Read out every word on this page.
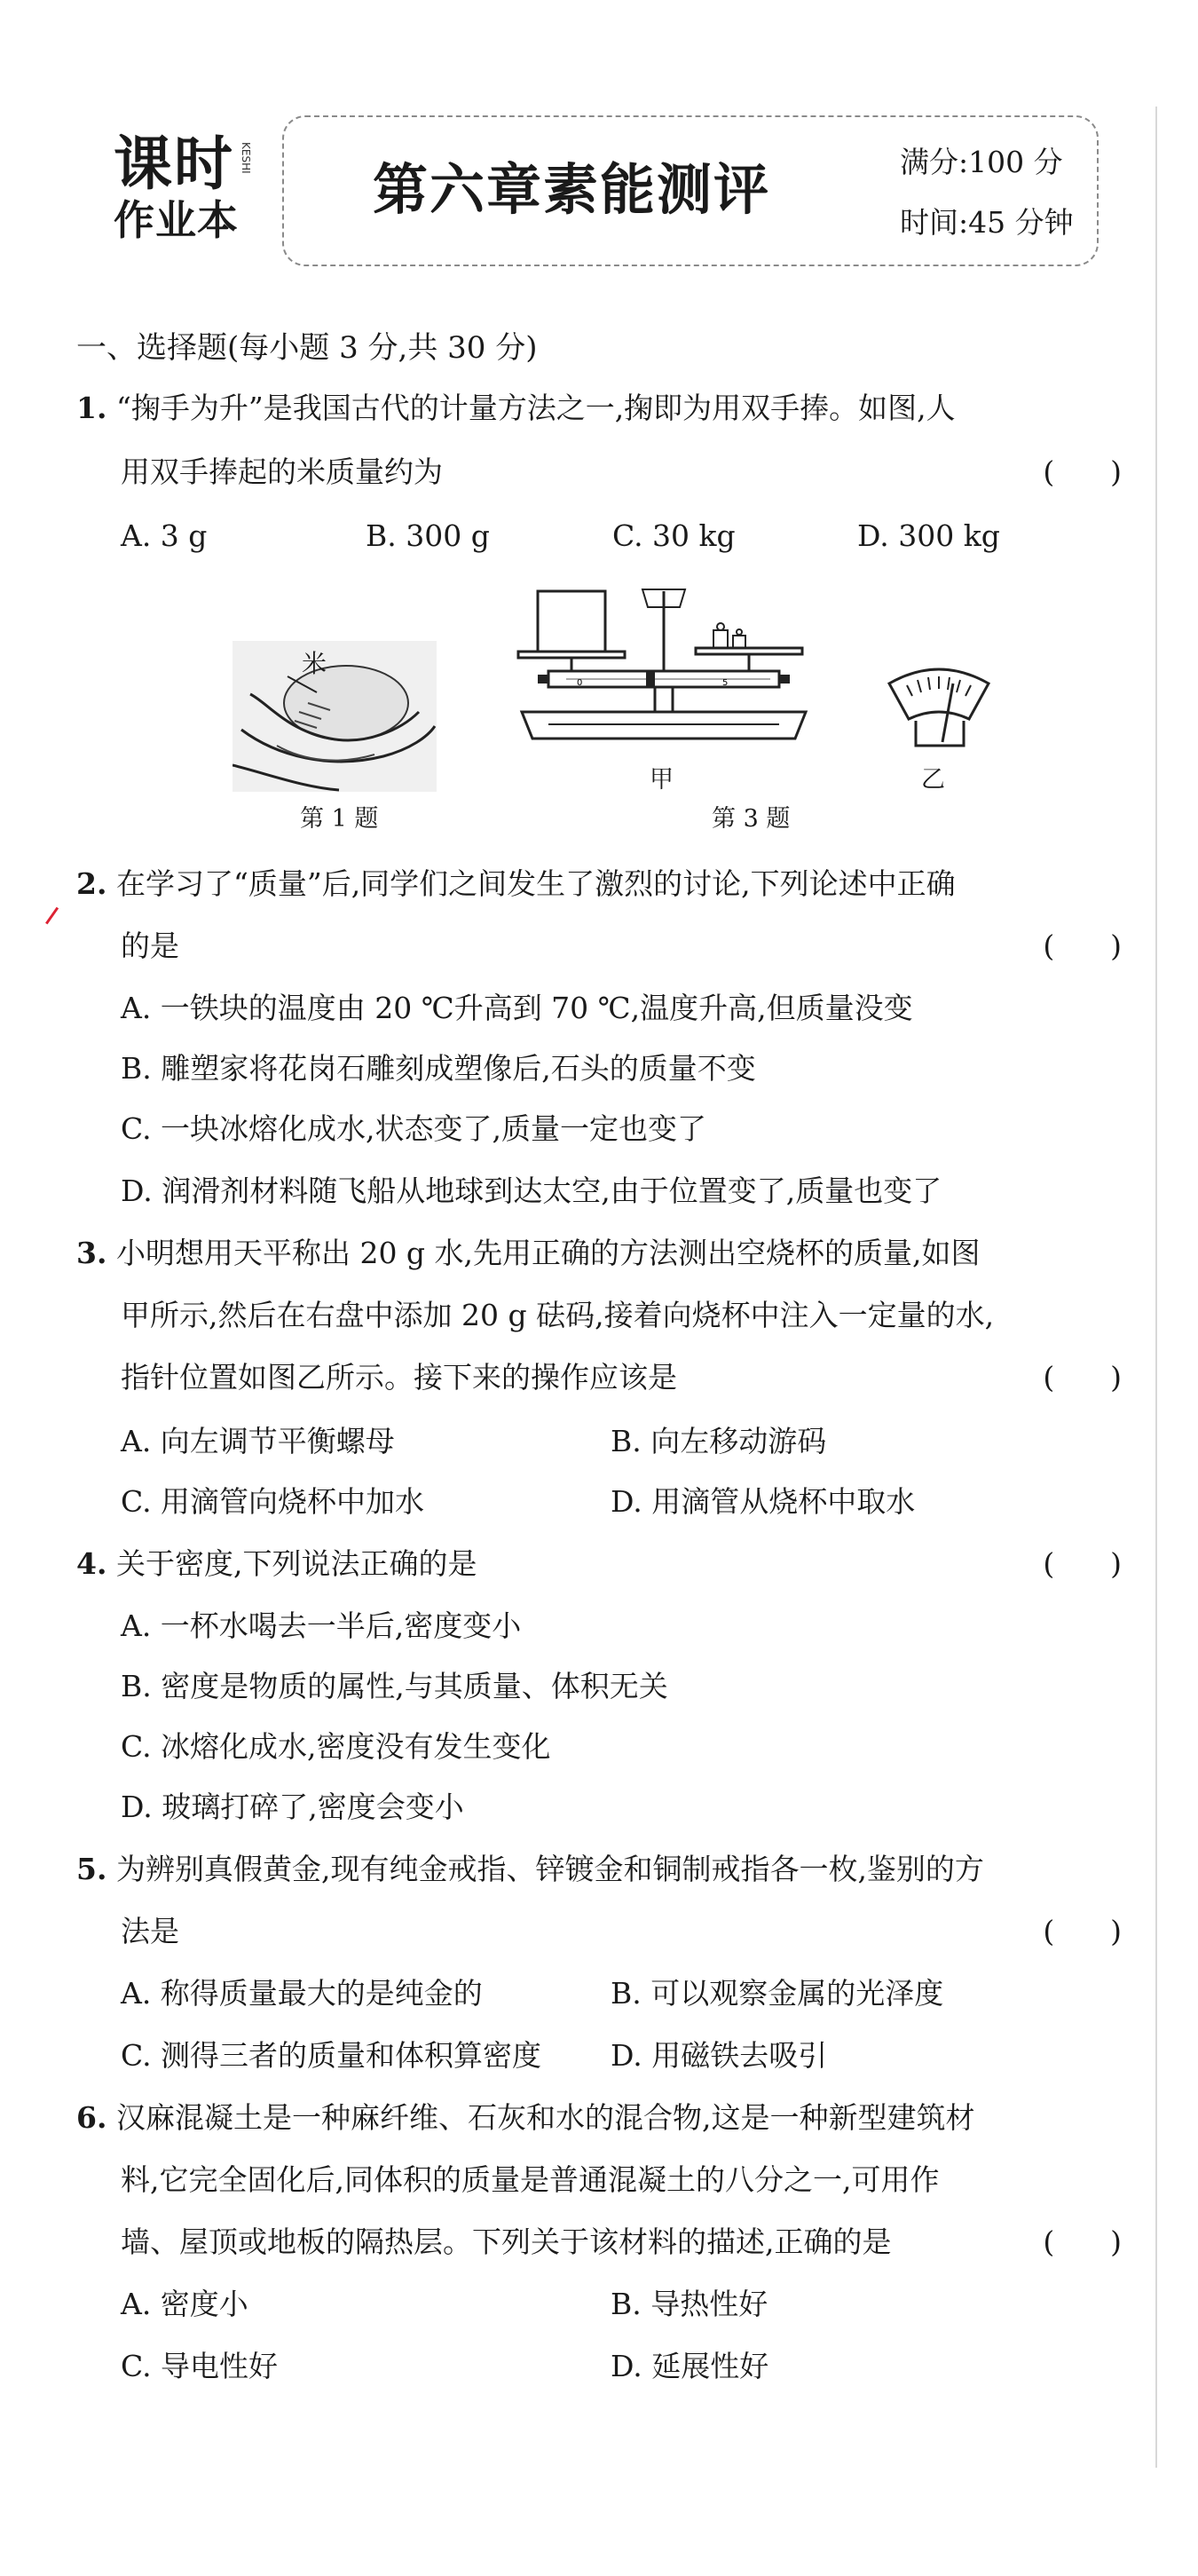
课时 KESHI
作业本	第六章素能测评	满分:100 分
时间:45 分钟
一、选择题(每小题 3 分,共 30 分)
1. “掬手为升”是我国古代的计量方法之一,掬即为用双手捧。如图,人
用双手捧起的米质量约为	(      )
A. 3 g	B. 300 g	C. 30 kg	D. 300 kg
米
第 1 题
0	5
甲	乙
第 3 题
2. 在学习了“质量”后,同学们之间发生了激烈的讨论,下列论述中正确
的是	(      )
A. 一铁块的温度由 20 ℃升高到 70 ℃,温度升高,但质量没变
B. 雕塑家将花岗石雕刻成塑像后,石头的质量不变
C. 一块冰熔化成水,状态变了,质量一定也变了
D. 润滑剂材料随飞船从地球到达太空,由于位置变了,质量也变了
3. 小明想用天平称出 20 g 水,先用正确的方法测出空烧杯的质量,如图
甲所示,然后在右盘中添加 20 g 砝码,接着向烧杯中注入一定量的水,
指针位置如图乙所示。接下来的操作应该是	(      )
A. 向左调节平衡螺母	B. 向左移动游码
C. 用滴管向烧杯中加水	D. 用滴管从烧杯中取水
4. 关于密度,下列说法正确的是	(      )
A. 一杯水喝去一半后,密度变小
B. 密度是物质的属性,与其质量、体积无关
C. 冰熔化成水,密度没有发生变化
D. 玻璃打碎了,密度会变小
5. 为辨别真假黄金,现有纯金戒指、锌镀金和铜制戒指各一枚,鉴别的方
法是	(      )
A. 称得质量最大的是纯金的	B. 可以观察金属的光泽度
C. 测得三者的质量和体积算密度 D. 用磁铁去吸引
6. 汉麻混凝土是一种麻纤维、石灰和水的混合物,这是一种新型建筑材
料,它完全固化后,同体积的质量是普通混凝土的八分之一,可用作
墙、屋顶或地板的隔热层。下列关于该材料的描述,正确的是	(      )
A. 密度小	B. 导热性好
C. 导电性好	D. 延展性好
